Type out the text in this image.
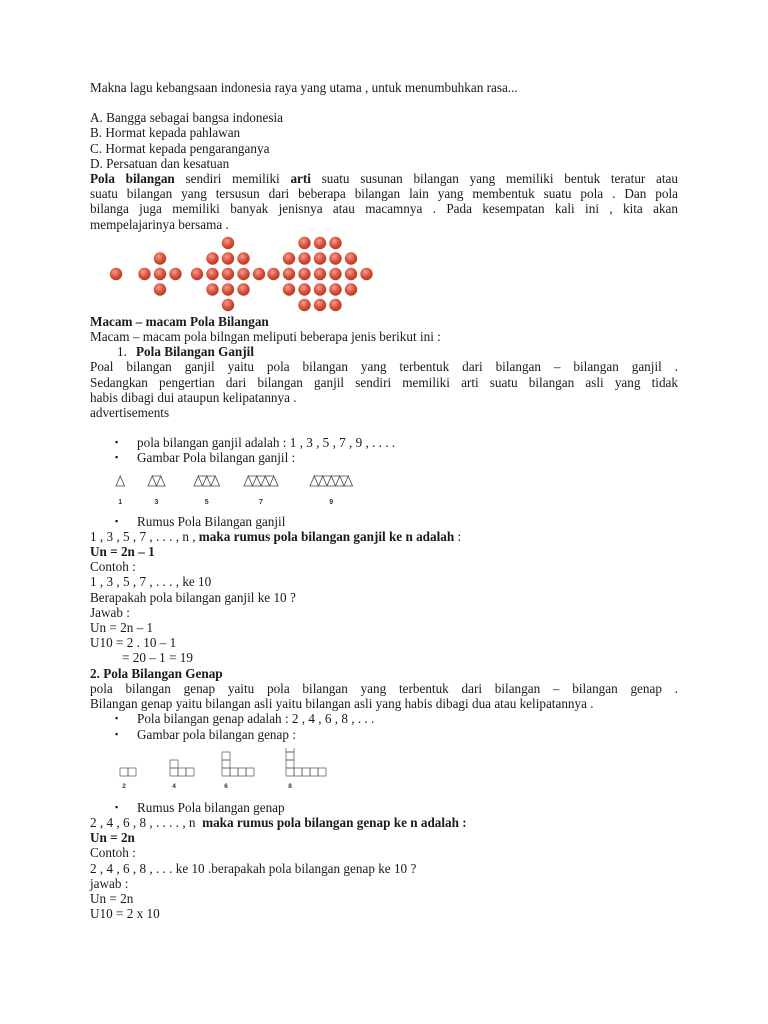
Makna lagu kebangsaan indonesia raya yang utama , untuk menumbuhkan rasa...

A. Bangga sebagai bangsa indonesia

B. Hormat kepada pahlawan

C. Hormat kepada pengaranganya

D. Persatuan dan kesatuan

Pola bilangan sendiri memiliki arti suatu susunan bilangan yang memiliki bentuk teratur atau

suatu bilangan yang tersusun dari beberapa bilangan lain yang membentuk suatu pola . Dan pola

bilanga juga memiliki banyak jenisnya atau macamnya . Pada kesempatan kali ini , kita akan

mempelajarinya bersama .

Macam – macam Pola Bilangan

Macam – macam pola bilngan meliputi beberapa jenis berikut ini :

1. Pola Bilangan Ganjil

Poal bilangan ganjil yaitu pola bilangan yang terbentuk dari bilangan – bilangan ganjil .

Sedangkan pengertian dari bilangan ganjil sendiri memiliki arti suatu bilangan asli yang tidak

habis dibagi dui ataupun kelipatannya .

advertisements

▪	pola bilangan ganjil adalah : 1 , 3 , 5 , 7 , 9 , . . . .
▪	Gambar Pola bilangan ganjil :
1	3	5	7	9
▪	Rumus Pola Bilangan ganjil

1 , 3 , 5 , 7 , . . . , n , maka rumus pola bilangan ganjil ke n adalah :

Un = 2n – 1

Contoh :

1 , 3 , 5 , 7 , . . . , ke 10

Berapakah pola bilangan ganjil ke 10 ?

Jawab :

Un = 2n – 1

U10 = 2 . 10 – 1

= 20 – 1 = 19

2. Pola Bilangan Genap

pola bilangan genap yaitu pola bilangan yang terbentuk dari bilangan – bilangan genap .

Bilangan genap yaitu bilangan asli yaitu bilangan asli yang habis dibagi dua atau kelipatannya .

▪	Pola bilangan genap adalah : 2 , 4 , 6 , 8 , . . .
▪	Gambar pola bilangan genap :
2	4	6	8
▪	Rumus Pola bilangan genap

2 , 4 , 6 , 8 , . . . . , n  maka rumus pola bilangan genap ke n adalah :

Un = 2n

Contoh :

2 , 4 , 6 , 8 , . . . ke 10 .berapakah pola bilangan genap ke 10 ?

jawab :

Un = 2n

U10 = 2 x 10
